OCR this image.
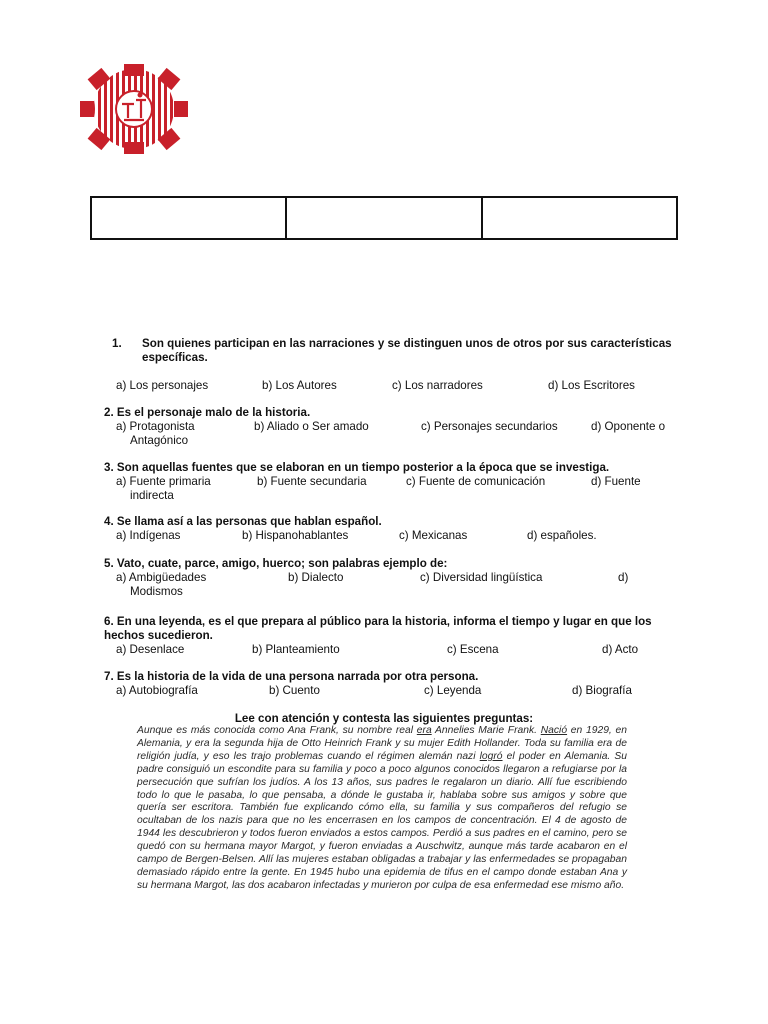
1.	Son quienes participan en las narraciones y se distinguen unos de otros por sus características específicas.
a) Los personajes	b) Los Autores	c) Los narradores	d) Los Escritores
2. Es el personaje malo de la historia.
a) Protagonista	b) Aliado o Ser amado	c) Personajes secundarios	d) Oponente o
Antagónico
3. Son aquellas fuentes que se elaboran en un tiempo posterior a la época que se investiga.
a) Fuente primaria	b) Fuente secundaria	c) Fuente de comunicación	d) Fuente
indirecta
4. Se llama así a las personas que hablan español.
a) Indígenas	b) Hispanohablantes	c) Mexicanas	d) españoles.
5. Vato, cuate, parce, amigo, huerco; son palabras ejemplo de:
a) Ambigüedades	b) Dialecto	c) Diversidad lingüística	d)
Modismos
6. En una leyenda, es el que prepara al público para la historia, informa el tiempo y lugar en que los hechos sucedieron.
a) Desenlace	b) Planteamiento	c) Escena	d) Acto
7. Es la historia de la vida de una persona narrada por otra persona.
a) Autobiografía	b) Cuento	c) Leyenda	d) Biografía
Lee con atención y contesta las siguientes preguntas:
Aunque es más conocida como Ana Frank, su nombre real era Annelies Marie Frank. Nació en 1929, en Alemania, y era la segunda hija de Otto Heinrich Frank y su mujer Edith Hollander. Toda su familia era de religión judía, y eso les trajo problemas cuando el régimen alemán nazi logró el poder en Alemania. Su padre consiguió un escondite para su familia y poco a poco algunos conocidos llegaron a refugiarse por la persecución que sufrían los judíos. A los 13 años, sus padres le regalaron un diario. Allí fue escribiendo todo lo que le pasaba, lo que pensaba, a dónde le gustaba ir, hablaba sobre sus amigos y sobre que quería ser escritora. También fue explicando cómo ella, su familia y sus compañeros del refugio se ocultaban de los nazis para que no les encerrasen en los campos de concentración. El 4 de agosto de 1944 les descubrieron y todos fueron enviados a estos campos. Perdió a sus padres en el camino, pero se quedó con su hermana mayor Margot, y fueron enviadas a Auschwitz, aunque más tarde acabaron en el campo de Bergen-Belsen. Allí las mujeres estaban obligadas a trabajar y las enfermedades se propagaban demasiado rápido entre la gente. En 1945 hubo una epidemia de tifus en el campo donde estaban Ana y su hermana Margot, las dos acabaron infectadas y murieron por culpa de esa enfermedad ese mismo año.
